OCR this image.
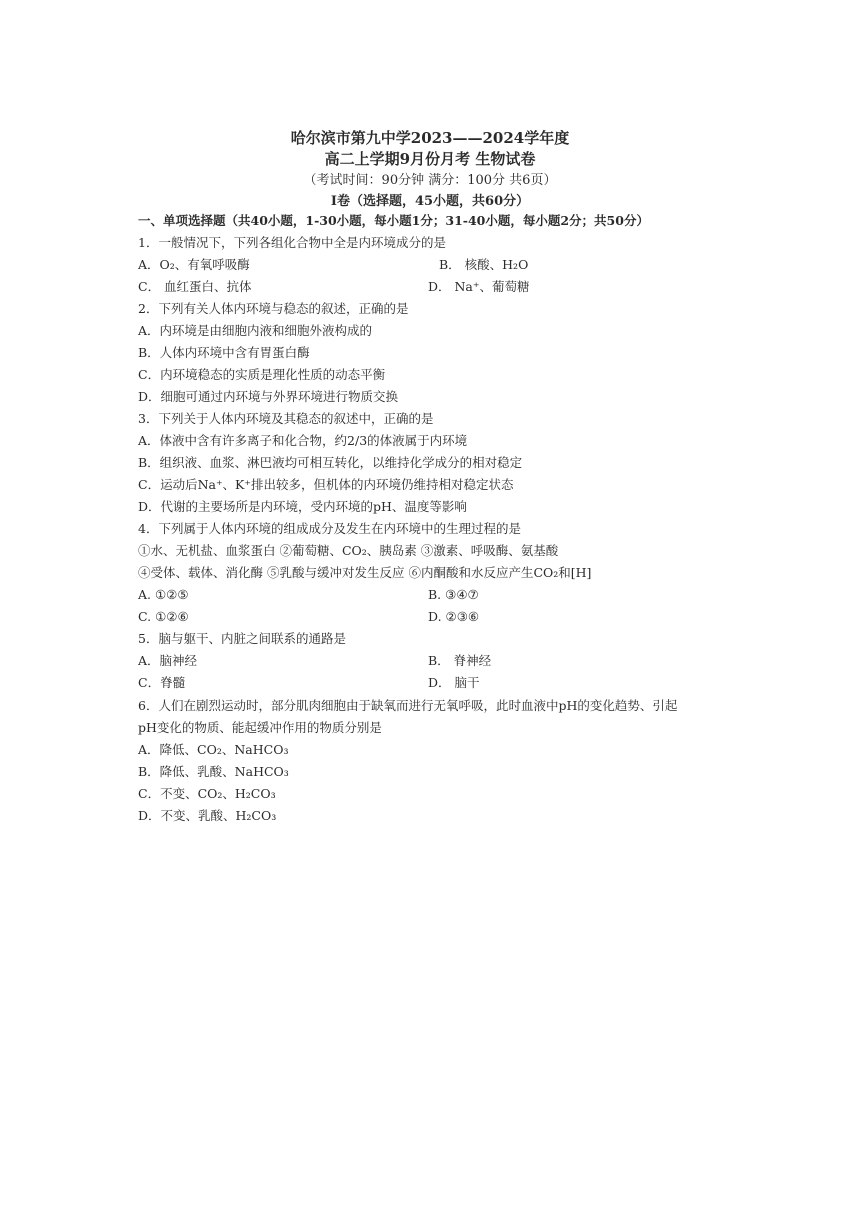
哈尔滨市第九中学2023——2024学年度
高二上学期9月份月考 生物试卷
（考试时间：90分钟 满分：100分 共6页）
I卷（选择题，45小题，共60分）
一、单项选择题（共40小题，1-30小题，每小题1分；31-40小题，每小题2分；共50分）
1．一般情况下，下列各组化合物中全是内环境成分的是
A．O₂、有氧呼吸酶	B． 核酸、H₂O
C． 血红蛋白、抗体	D． Na⁺、葡萄糖
2．下列有关人体内环境与稳态的叙述，正确的是
A．内环境是由细胞内液和细胞外液构成的
B．人体内环境中含有胃蛋白酶
C．内环境稳态的实质是理化性质的动态平衡
D．细胞可通过内环境与外界环境进行物质交换
3．下列关于人体内环境及其稳态的叙述中，正确的是
A．体液中含有许多离子和化合物，约2/3的体液属于内环境
B．组织液、血浆、淋巴液均可相互转化，以维持化学成分的相对稳定
C．运动后Na⁺、K⁺排出较多，但机体的内环境仍维持相对稳定状态
D．代谢的主要场所是内环境，受内环境的pH、温度等影响
4．下列属于人体内环境的组成成分及发生在内环境中的生理过程的是
①水、无机盐、血浆蛋白 ②葡萄糖、CO₂、胰岛素 ③激素、呼吸酶、氨基酸
④受体、载体、消化酶 ⑤乳酸与缓冲对发生反应 ⑥内酮酸和水反应产生CO₂和[H]
A. ①②⑤	B. ③④⑦
C. ①②⑥	D. ②③⑥
5．脑与躯干、内脏之间联系的通路是
A．脑神经	B． 脊神经
C．脊髓	D． 脑干
6．人们在剧烈运动时，部分肌肉细胞由于缺氧而进行无氧呼吸，此时血液中pH的变化趋势、引起
pH变化的物质、能起缓冲作用的物质分别是
A．降低、CO₂、NaHCO₃
B．降低、乳酸、NaHCO₃
C．不变、CO₂、H₂CO₃
D．不变、乳酸、H₂CO₃
